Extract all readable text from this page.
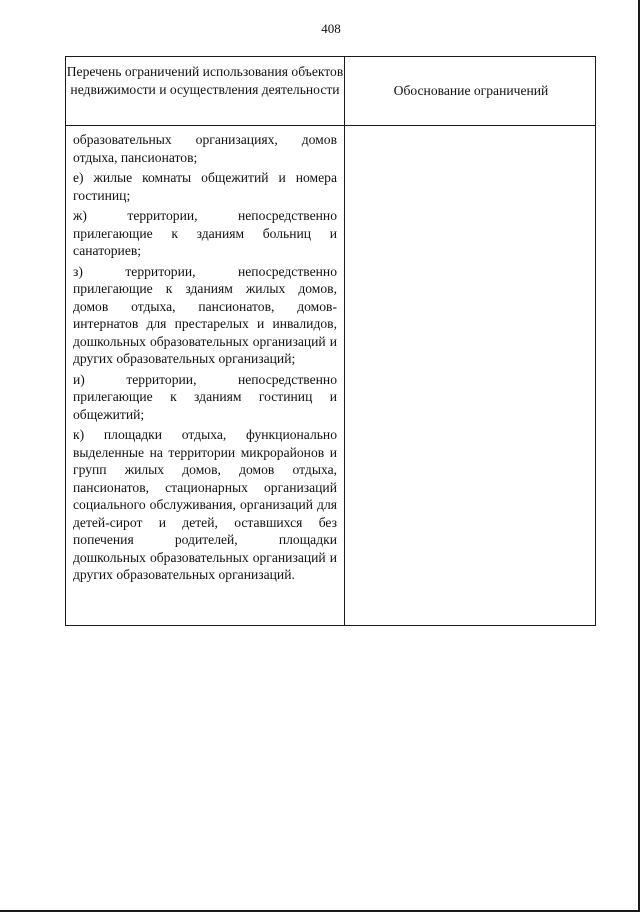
408
Перечень ограничений использования объектов недвижимости и осуществления деятельности	Обоснование ограничений

образовательных организациях, домов отдыха, пансионатов;

е) жилые комнаты общежитий и номера гостиниц;

ж) территории, непосредственно прилегающие к зданиям больниц и санаториев;

з) территории, непосредственно прилегающие к зданиям жилых домов, домов отдыха, пансионатов, домов-интернатов для престарелых и инвалидов, дошкольных образовательных организаций и других образовательных организаций;

и) территории, непосредственно прилегающие к зданиям гостиниц и общежитий;

к) площадки отдыха, функционально выделенные на территории микрорайонов и групп жилых домов, домов отдыха, пансионатов, стационарных организаций социального обслуживания, организаций для детей-сирот и детей, оставшихся без попечения родителей, площадки дошкольных образовательных организаций и других образовательных организаций.
